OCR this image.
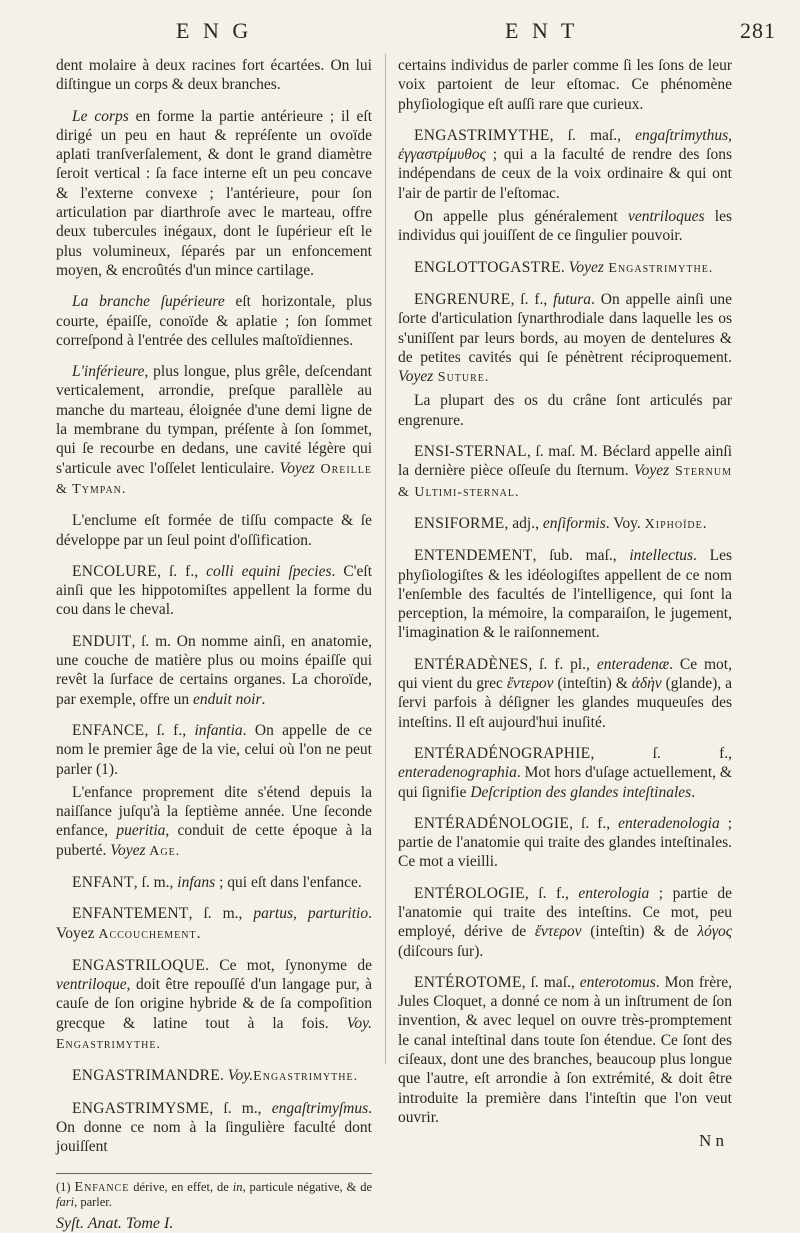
E N G	E N T	281

dent molaire à deux racines fort écartées. On lui diſtingue un corps & deux branches.

Le corps en forme la partie antérieure ; il eſt dirigé un peu en haut & repréſente un ovoïde aplati tranſverſalement, & dont le grand diamètre ſeroit vertical : ſa face interne eſt un peu concave & l'externe convexe ; l'antérieure, pour ſon articulation par diarthroſe avec le marteau, offre deux tubercules inégaux, dont le ſupérieur eſt le plus volumineux, ſéparés par un enfoncement moyen, & encroûtés d'un mince cartilage.

La branche ſupérieure eſt horizontale, plus courte, épaiſſe, conoïde & aplatie ; ſon ſommet correſpond à l'entrée des cellules maſtoïdiennes.

L'inférieure, plus longue, plus grêle, deſcendant verticalement, arrondie, preſque parallèle au manche du marteau, éloignée d'une demi ligne de la membrane du tympan, préſente à ſon ſommet, qui ſe recourbe en dedans, une cavité légère qui s'articule avec l'oſſelet lenticulaire. Voyez Oreille & Tympan.

L'enclume eſt formée de tiſſu compacte & ſe développe par un ſeul point d'oſſification.

ENCOLURE, ſ. f., colli equini ſpecies. C'eſt ainſi que les hippotomiſtes appellent la forme du cou dans le cheval.

ENDUIT, ſ. m. On nomme ainſi, en anatomie, une couche de matière plus ou moins épaiſſe qui revêt la ſurface de certains organes. La choroïde, par exemple, offre un enduit noir.

ENFANCE, ſ. f., infantia. On appelle de ce nom le premier âge de la vie, celui où l'on ne peut parler (1).

L'enfance proprement dite s'étend depuis la naiſſance juſqu'à la ſeptième année. Une ſeconde enfance, pueritia, conduit de cette époque à la puberté. Voyez Age.

ENFANT, ſ. m., infans ; qui eſt dans l'enfance.

ENFANTEMENT, ſ. m., partus, parturitio. Voyez Accouchement.

ENGASTRILOQUE. Ce mot, ſynonyme de ventriloque, doit être repouſſé d'un langage pur, à cauſe de ſon origine hybride & de ſa compoſition grecque & latine tout à la fois. Voy. Engastrimythe.

ENGASTRIMANDRE. Voy.Engastrimythe.

ENGASTRIMYSME, ſ. m., engaſtrimyſmus. On donne ce nom à la ſingulière faculté dont jouiſſent

(1) Enfance dérive, en effet, de in, particule négative, & de fari, parler.
Syſt. Anat. Tome I.

certains individus de parler comme ſi les ſons de leur voix partoient de leur eſtomac. Ce phénomène phyſiologique eſt auſſi rare que curieux.

ENGASTRIMYTHE, ſ. maſ., engaſtrimythus, ἐγγαστρίμυθος ; qui a la faculté de rendre des ſons indépendans de ceux de la voix ordinaire & qui ont l'air de partir de l'eſtomac.

On appelle plus généralement ventriloques les individus qui jouiſſent de ce ſingulier pouvoir.

ENGLOTTOGASTRE. Voyez Engastrimythe.

ENGRENURE, ſ. f., futura. On appelle ainſi une ſorte d'articulation ſynarthrodiale dans laquelle les os s'uniſſent par leurs bords, au moyen de dentelures & de petites cavités qui ſe pénètrent réciproquement. Voyez Suture.

La plupart des os du crâne ſont articulés par engrenure.

ENSI-STERNAL, ſ. maſ. M. Béclard appelle ainſi la dernière pièce oſſeuſe du ſternum. Voyez Sternum & Ultimi-sternal.

ENSIFORME, adj., enſiformis. Voy. Xiphoïde.

ENTENDEMENT, ſub. maſ., intellectus. Les phyſiologiſtes & les idéologiſtes appellent de ce nom l'enſemble des facultés de l'intelligence, qui ſont la perception, la mémoire, la comparaiſon, le jugement, l'imagination & le raiſonnement.

ENTÉRADÈNES, ſ. f. pl., enteradenæ. Ce mot, qui vient du grec ἔντερον (inteſtin) & ἀδὴν (glande), a ſervi parfois à déſigner les glandes muqueuſes des inteſtins. Il eſt aujourd'hui inuſité.

ENTÉRADÉNOGRAPHIE, ſ. f., enteradenographia. Mot hors d'uſage actuellement, & qui ſignifie Deſcription des glandes inteſtinales.

ENTÉRADÉNOLOGIE, ſ. f., enteradenologia ; partie de l'anatomie qui traite des glandes inteſtinales. Ce mot a vieilli.

ENTÉROLOGIE, ſ. f., enterologia ; partie de l'anatomie qui traite des inteſtins. Ce mot, peu employé, dérive de ἔντερον (inteſtin) & de λόγος (diſcours ſur).

ENTÉROTOME, ſ. maſ., enterotomus. Mon frère, Jules Cloquet, a donné ce nom à un inſtrument de ſon invention, & avec lequel on ouvre très-promptement le canal inteſtinal dans toute ſon étendue. Ce ſont des ciſeaux, dont une des branches, beaucoup plus longue que l'autre, eſt arrondie à ſon extrémité, & doit être introduite la première dans l'inteſtin que l'on veut ouvrir.

N n
